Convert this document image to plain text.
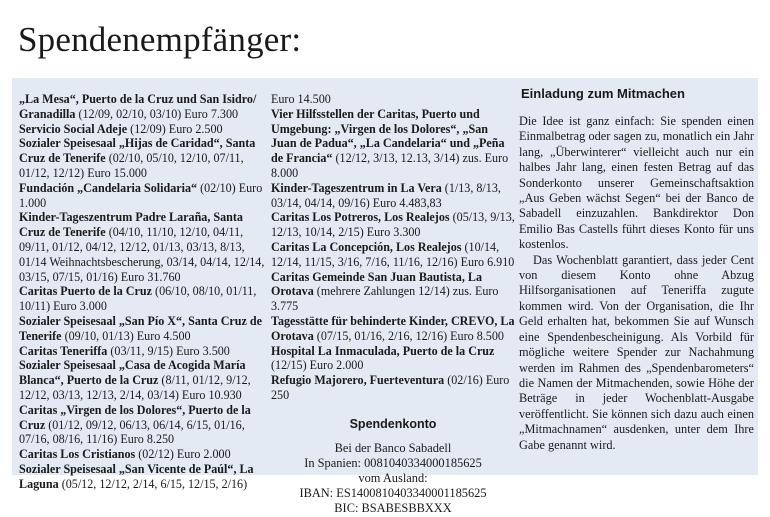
Spendenempfänger:

„La Mesa“, Puerto de la Cruz und San Isidro/ Granadilla (12/09, 02/10, 03/10) Euro 7.300

Servicio Social Adeje (12/09) Euro 2.500

Sozialer Speisesaal „Hijas de Caridad“, Santa Cruz de Tenerife (02/10, 05/10, 12/10, 07/11, 01/12, 12/12) Euro 15.000

Fundación „Candelaria Solidaria“ (02/10) Euro 1.000

Kinder-Tageszentrum Padre Laraña, Santa Cruz de Tenerife (04/10, 11/10, 12/10, 04/11, 09/11, 01/12, 04/12, 12/12, 01/13, 03/13, 8/13, 01/14 Weihnachtsbescherung, 03/14, 04/14, 12/14, 03/15, 07/15, 01/16) Euro 31.760

Caritas Puerto de la Cruz (06/10, 08/10, 01/11, 10/11) Euro 3.000

Sozialer Speisesaal „San Pío X“, Santa Cruz de Tenerife (09/10, 01/13) Euro 4.500

Caritas Teneriffa (03/11, 9/15) Euro 3.500

Sozialer Speisesaal „Casa de Acogida María Blanca“, Puerto de la Cruz (8/11, 01/12, 9/12, 12/12, 03/13, 12/13, 2/14, 03/14) Euro 10.930

Caritas „Virgen de los Dolores“, Puerto de la Cruz (01/12, 09/12, 06/13, 06/14, 6/15, 01/16, 07/16, 08/16, 11/16) Euro 8.250

Caritas Los Cristianos (02/12) Euro 2.000

Sozialer Speisesaal „San Vicente de Paúl“, La Laguna (05/12, 12/12, 2/14, 6/15, 12/15, 2/16)

Euro 14.500

Vier Hilfsstellen der Caritas, Puerto und Umgebung: „Virgen de los Dolores“, „San Juan de Padua“, „La Candelaria“ und „Peña de Francia“ (12/12, 3/13, 12.13, 3/14) zus. Euro 8.000

Kinder-Tageszentrum in La Vera (1/13, 8/13, 03/14, 04/14, 09/16) Euro 4.483,83

Caritas Los Potreros, Los Realejos (05/13, 9/13, 12/13, 10/14, 2/15) Euro 3.300

Caritas La Concepción, Los Realejos (10/14, 12/14, 11/15, 3/16, 7/16, 11/16, 12/16) Euro 6.910

Caritas Gemeinde San Juan Bautista, La Orotava (mehrere Zahlungen 12/14) zus. Euro 3.775

Tagesstätte für behinderte Kinder, CREVO, La Orotava (07/15, 01/16, 2/16, 12/16) Euro 8.500

Hospital La Inmaculada, Puerto de la Cruz (12/15) Euro 2.000

Refugio Majorero, Fuerteventura (02/16) Euro 250

Spendenkonto
Bei der Banco Sabadell
In Spanien: 0081040334000185625
vom Ausland:
IBAN: ES1400810403340001185625
BIC: BSABESBBXXX
Einladung zum Mitmachen

Die Idee ist ganz einfach: Sie spenden einen Einmalbetrag oder sagen zu, monatlich ein Jahr lang, „Überwinterer“ vielleicht auch nur ein halbes Jahr lang, einen festen Betrag auf das Sonderkonto unserer Gemeinschaftsaktion „Aus Geben wächst Segen“ bei der Banco de Sabadell einzuzahlen. Bankdirektor Don Emilio Bas Castells führt dieses Konto für uns kostenlos.

Das Wochenblatt garantiert, dass jeder Cent von diesem Konto ohne Abzug Hilfsorganisationen auf Teneriffa zugute kommen wird. Von der Organisation, die Ihr Geld erhalten hat, bekommen Sie auf Wunsch eine Spendenbescheinigung. Als Vorbild für mögliche weitere Spender zur Nachahmung werden im Rahmen des „Spendenbarometers“ die Namen der Mitmachenden, sowie Höhe der Beträge in jeder Wochenblatt-Ausgabe veröffentlicht. Sie können sich dazu auch einen „Mitmachnamen“ ausdenken, unter dem Ihre Gabe genannt wird.
